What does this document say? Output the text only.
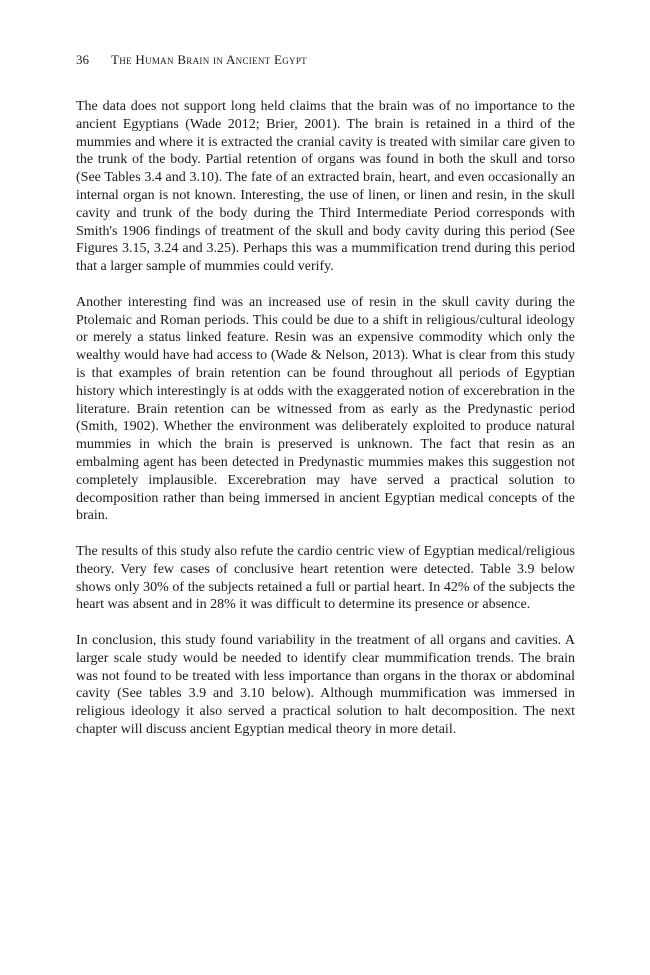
36 The Human Brain in Ancient Egypt

The data does not support long held claims that the brain was of no importance to the ancient Egyptians (Wade 2012; Brier, 2001). The brain is retained in a third of the mummies and where it is extracted the cranial cavity is treated with similar care given to the trunk of the body. Partial retention of organs was found in both the skull and torso (See Tables 3.4 and 3.10). The fate of an extracted brain, heart, and even occasionally an internal organ is not known. Interesting, the use of linen, or linen and resin, in the skull cavity and trunk of the body during the Third Intermediate Period corresponds with Smith's 1906 findings of treatment of the skull and body cavity during this period (See Figures 3.15, 3.24 and 3.25). Perhaps this was a mummification trend during this period that a larger sample of mummies could verify.

Another interesting find was an increased use of resin in the skull cavity during the Ptolemaic and Roman periods. This could be due to a shift in religious/cultural ideology or merely a status linked feature. Resin was an expensive commodity which only the wealthy would have had access to (Wade & Nelson, 2013). What is clear from this study is that examples of brain retention can be found throughout all periods of Egyptian history which interestingly is at odds with the exaggerated notion of excerebration in the literature. Brain retention can be witnessed from as early as the Predynastic period (Smith, 1902). Whether the environment was deliberately exploited to produce natural mummies in which the brain is preserved is unknown. The fact that resin as an embalming agent has been detected in Predynastic mummies makes this suggestion not completely implausible. Excerebration may have served a practical solution to decomposition rather than being immersed in ancient Egyptian medical concepts of the brain.

The results of this study also refute the cardio centric view of Egyptian medical/religious theory. Very few cases of conclusive heart retention were detected. Table 3.9 below shows only 30% of the subjects retained a full or partial heart. In 42% of the subjects the heart was absent and in 28% it was difficult to determine its presence or absence.

In conclusion, this study found variability in the treatment of all organs and cavities. A larger scale study would be needed to identify clear mummification trends. The brain was not found to be treated with less importance than organs in the thorax or abdominal cavity (See tables 3.9 and 3.10 below). Although mummification was immersed in religious ideology it also served a practical solution to halt decomposition. The next chapter will discuss ancient Egyptian medical theory in more detail.
